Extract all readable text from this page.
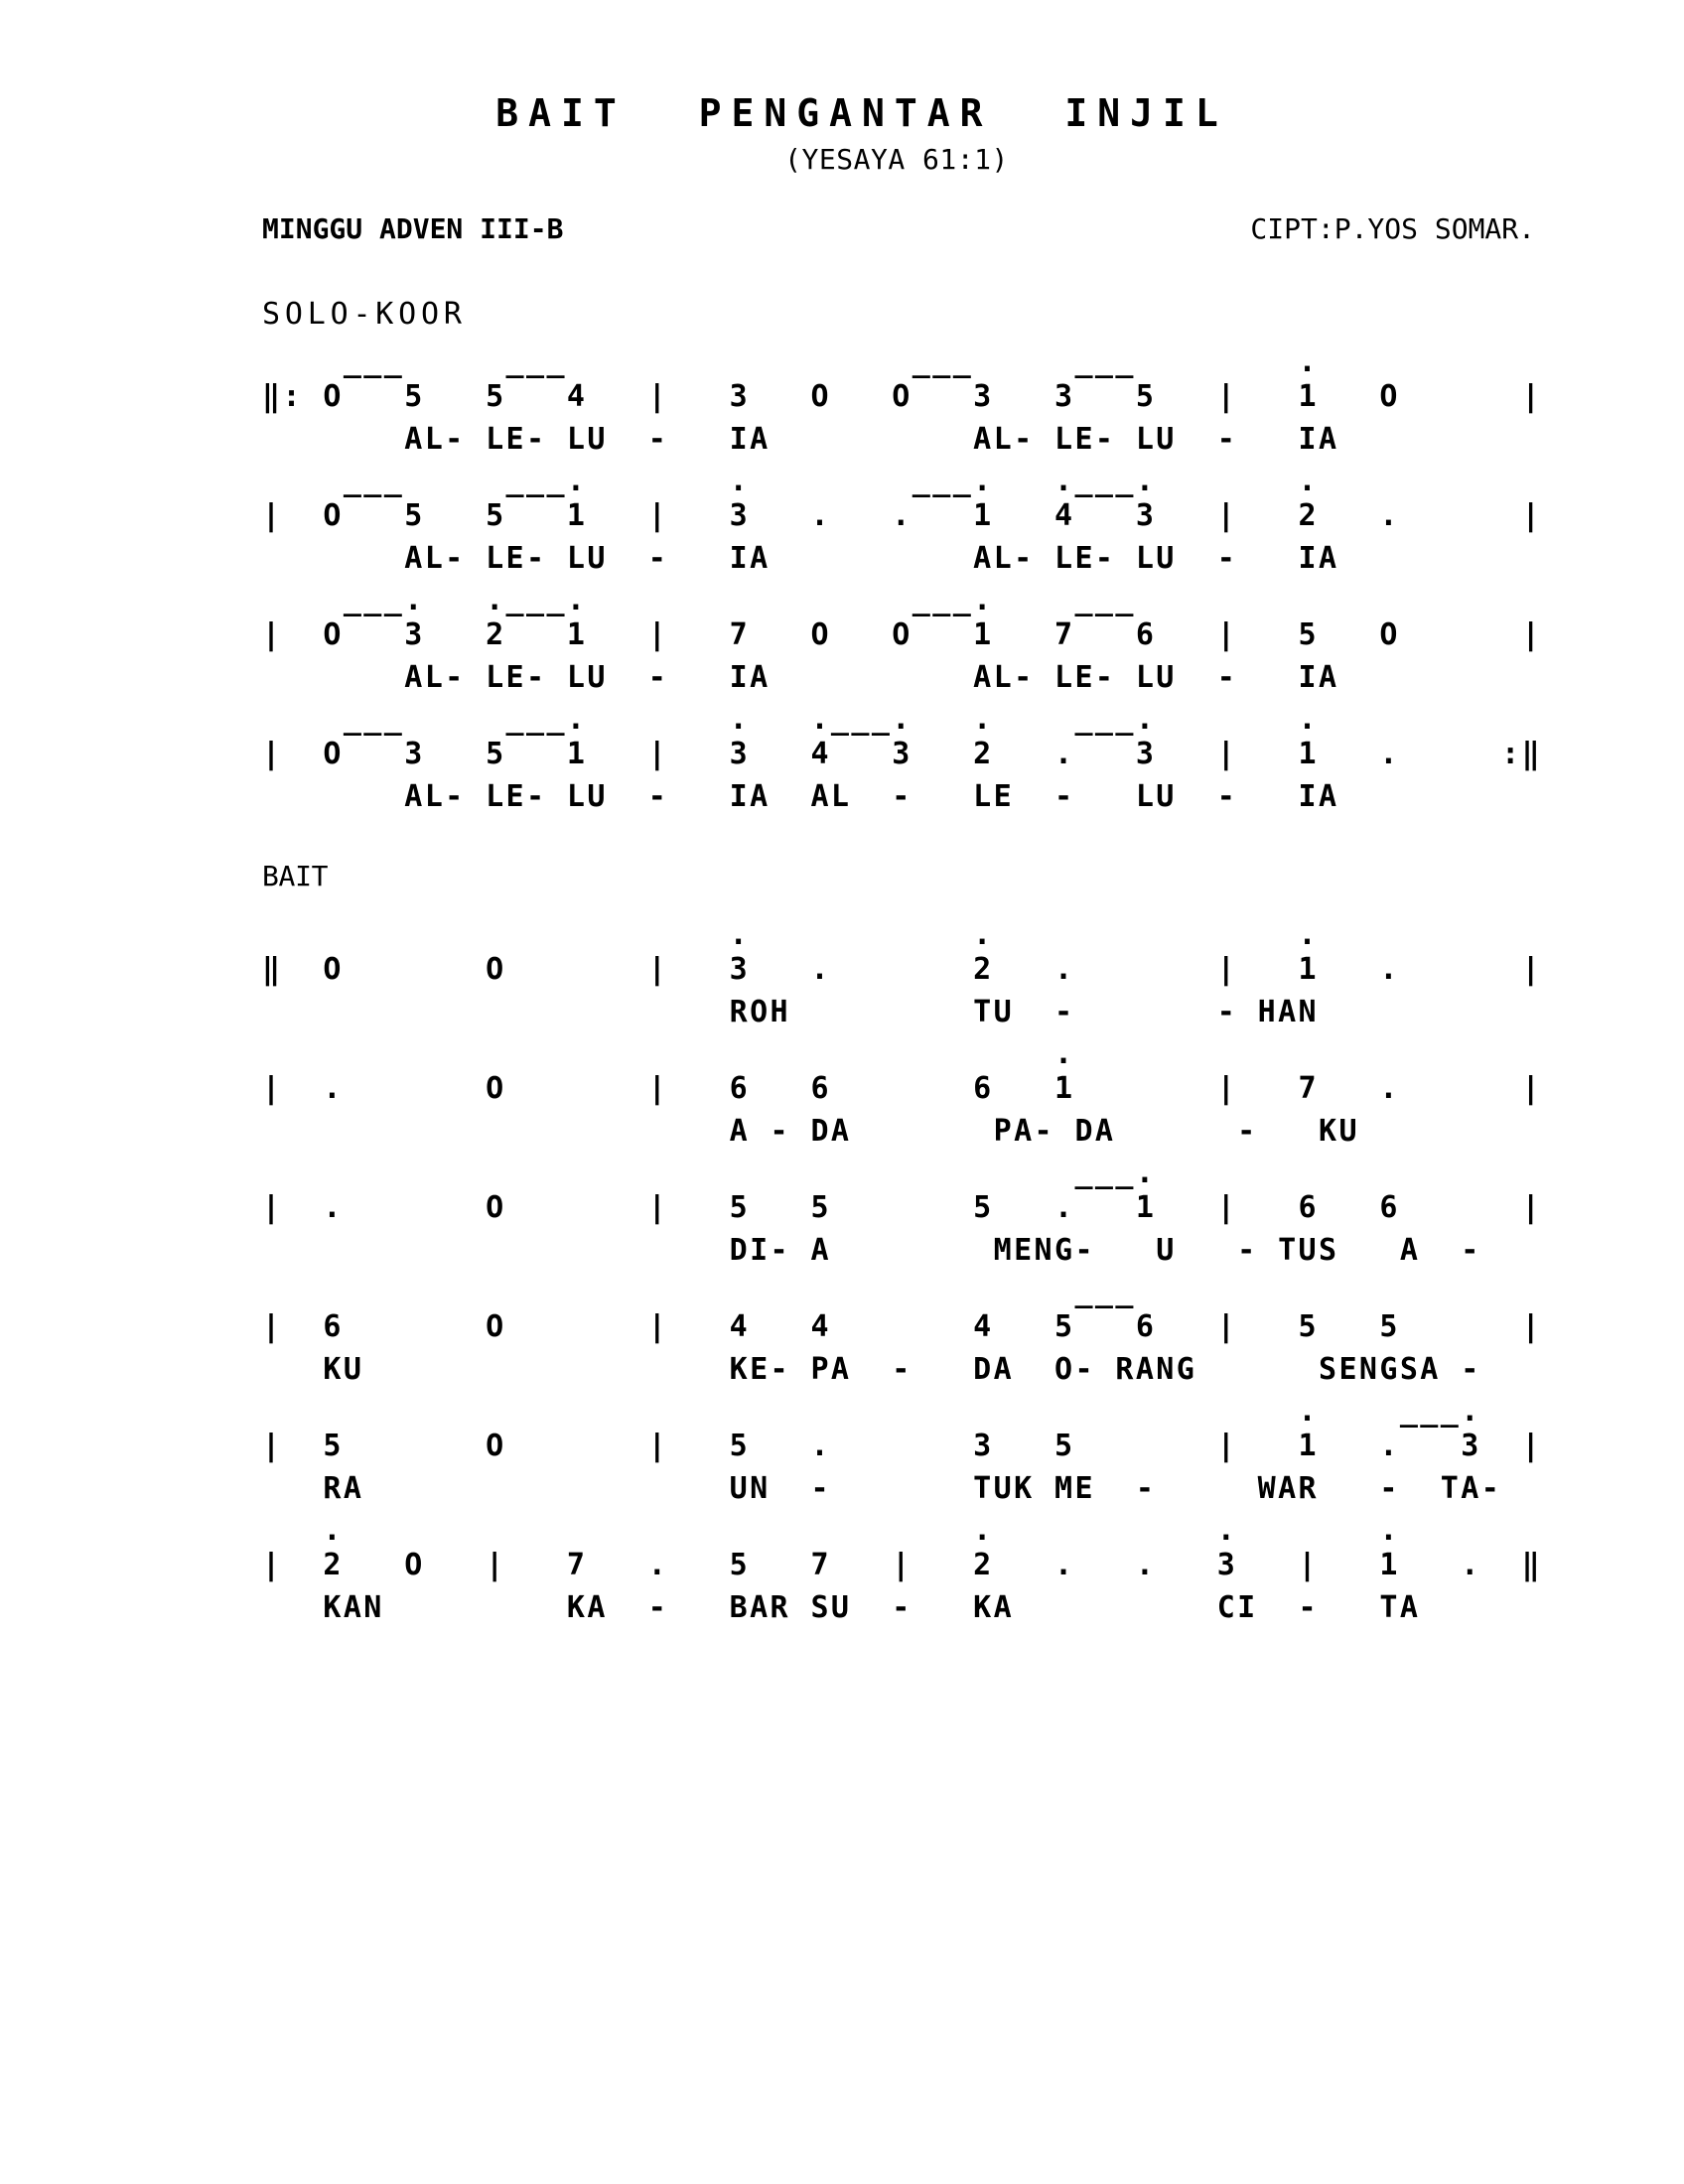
BAIT PENGANTAR INJIL
(YESAYA 61:1)
MINGGU ADVEN III-B	CIPT:P.YOS SOMAR.
SOLO-KOOR
___     ___                 ___     ___        .
‖: O   5   5   4   |   3   O   O   3   3   5   |   1   O      |
AL- LE- LU  -   IA          AL- LE- LU  -   IA
___     ___.       .        ___.   .___.       .
|  O   5   5   1   |   3   .   .   1   4   3   |   2   .      |
AL- LE- LU  -   IA          AL- LE- LU  -   IA
___.   .___.                ___.    ___
|  O   3   2   1   |   7   O   O   1   7   6   |   5   O      |
AL- LE- LU  -   IA          AL- LE- LU  -   IA
___     ___.       .   .___.   .    ___.       .
|  O   3   5   1   |   3   4   3   2   .   3   |   1   .     :‖
AL- LE- LU  -   IA  AL  -   LE  -   LU  -   IA
BAIT
.           .               .
‖  O       O       |   3   .       2   .       |   1   .      |
ROH         TU  -       - HAN
.
|  .       O       |   6   6       6   1       |   7   .      |
A - DA       PA- DA      -   KU
___.
|  .       O       |   5   5       5   .   1   |   6   6      |
DI- A        MENG-   U   - TUS   A  -
___
|  6       O       |   4   4       4   5   6   |   5   5      |
KU                  KE- PA  -   DA  O- RANG      SENGSA -
.    ___.
|  5       O       |   5   .       3   5       |   1   .   3  |
RA                  UN  -       TUK ME  -     WAR   -  TA-
.                               .           .       .
|  2   O   |   7   .   5   7   |   2   .   .   3   |   1   .  ‖
KAN         KA  -   BAR SU  -   KA          CI  -   TA
